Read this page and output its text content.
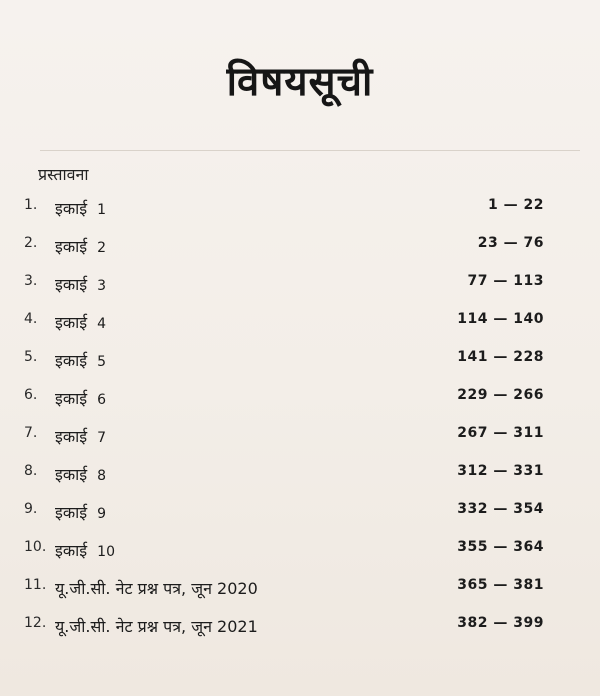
विषयसूची
प्रस्तावना
1. इकाई 1	1 — 22
2. इकाई 2	23 — 76
3. इकाई 3	77 — 113
4. इकाई 4	114 — 140
5. इकाई 5	141 — 228
6. इकाई 6	229 — 266
7. इकाई 7	267 — 311
8. इकाई 8	312 — 331
9. इकाई 9	332 — 354
10. इकाई 10	355 — 364
11. यू.जी.सी. नेट प्रश्न पत्र, जून 2020	365 — 381
12. यू.जी.सी. नेट प्रश्न पत्र, जून 2021	382 — 399
